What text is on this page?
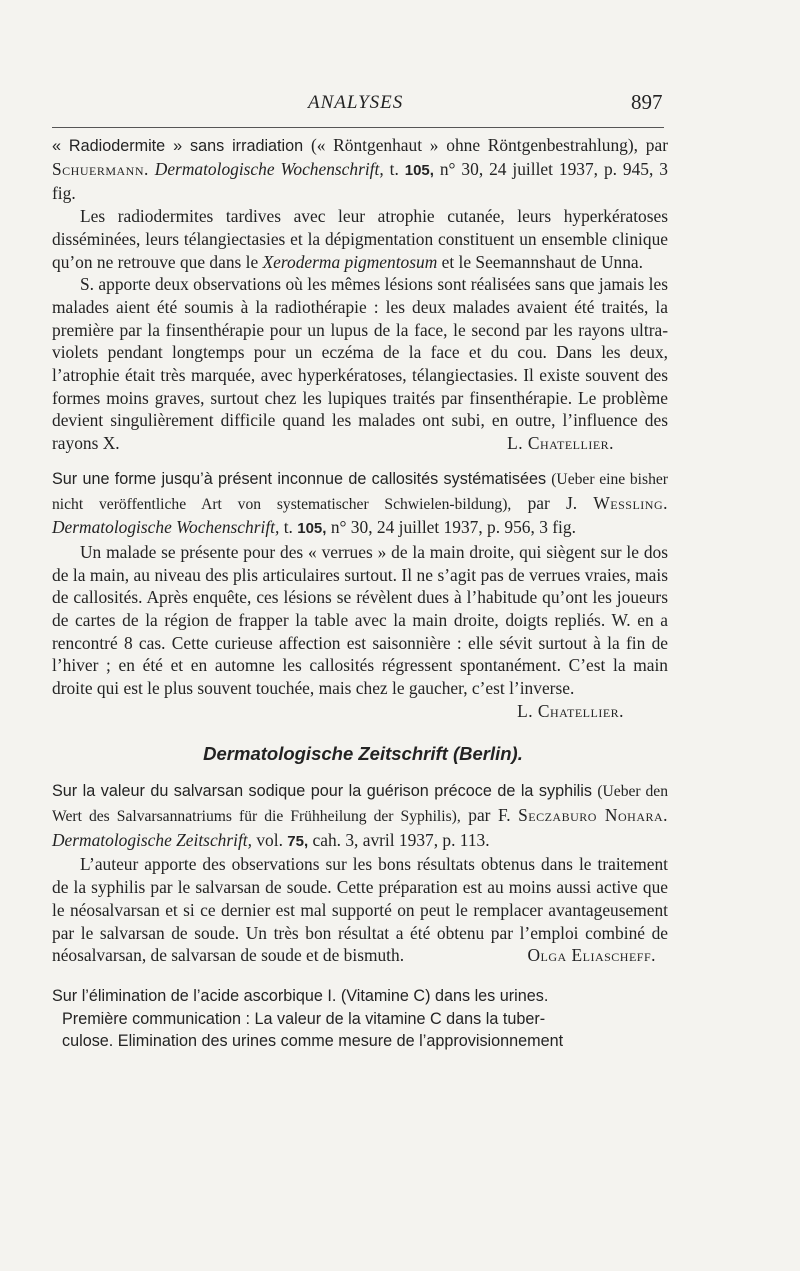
ANALYSES	897

« Radiodermite » sans irradiation (« Röntgenhaut » ohne Röntgenbestrahlung), par Schuermann. Dermatologische Wochenschrift, t. 105, n° 30, 24 juillet 1937, p. 945, 3 fig.

Les radiodermites tardives avec leur atrophie cutanée, leurs hyperkératoses disséminées, leurs télangiectasies et la dépigmentation constituent un ensemble clinique qu’on ne retrouve que dans le Xeroderma pigmentosum et le Seemannshaut de Unna.

S. apporte deux observations où les mêmes lésions sont réalisées sans que jamais les malades aient été soumis à la radiothérapie : les deux malades avaient été traités, la première par la finsenthérapie pour un lupus de la face, le second par les rayons ultra-violets pendant longtemps pour un eczéma de la face et du cou. Dans les deux, l’atrophie était très marquée, avec hyperkératoses, télangiectasies. Il existe souvent des formes moins graves, surtout chez les lupiques traités par finsenthérapie. Le problème devient singulièrement difficile quand les malades ont subi, en outre, l’influence des rayons X.	L. Chatellier.

Sur une forme jusqu’à présent inconnue de callosités systématisées (Ueber eine bisher nicht veröffentliche Art von systematischer Schwielen-bildung), par J. Wessling. Dermatologische Wochenschrift, t. 105, n° 30, 24 juillet 1937, p. 956, 3 fig.

Un malade se présente pour des « verrues » de la main droite, qui siègent sur le dos de la main, au niveau des plis articulaires surtout. Il ne s’agit pas de verrues vraies, mais de callosités. Après enquête, ces lésions se révèlent dues à l’habitude qu’ont les joueurs de cartes de la région de frapper la table avec la main droite, doigts repliés. W. en a rencontré 8 cas. Cette curieuse affection est saisonnière : elle sévit surtout à la fin de l’hiver ; en été et en automne les callosités régressent spontanément. C’est la main droite qui est le plus souvent touchée, mais chez le gaucher, c’est l’inverse.
L. Chatellier.

Dermatologische Zeitschrift (Berlin).

Sur la valeur du salvarsan sodique pour la guérison précoce de la syphilis (Ueber den Wert des Salvarsannatriums für die Frühheilung der Syphilis), par F. Seczaburo Nohara. Dermatologische Zeitschrift, vol. 75, cah. 3, avril 1937, p. 113.

L’auteur apporte des observations sur les bons résultats obtenus dans le traitement de la syphilis par le salvarsan de soude. Cette préparation est au moins aussi active que le néosalvarsan et si ce dernier est mal supporté on peut le remplacer avantageusement par le salvarsan de soude. Un très bon résultat a été obtenu par l’emploi combiné de néosalvarsan, de salvarsan de soude et de bismuth.	Olga Eliascheff.

Sur l’élimination de l’acide ascorbique I. (Vitamine C) dans les urines.
Première communication : La valeur de la vitamine C dans la tuber-
culose. Elimination des urines comme mesure de l’approvisionnement
